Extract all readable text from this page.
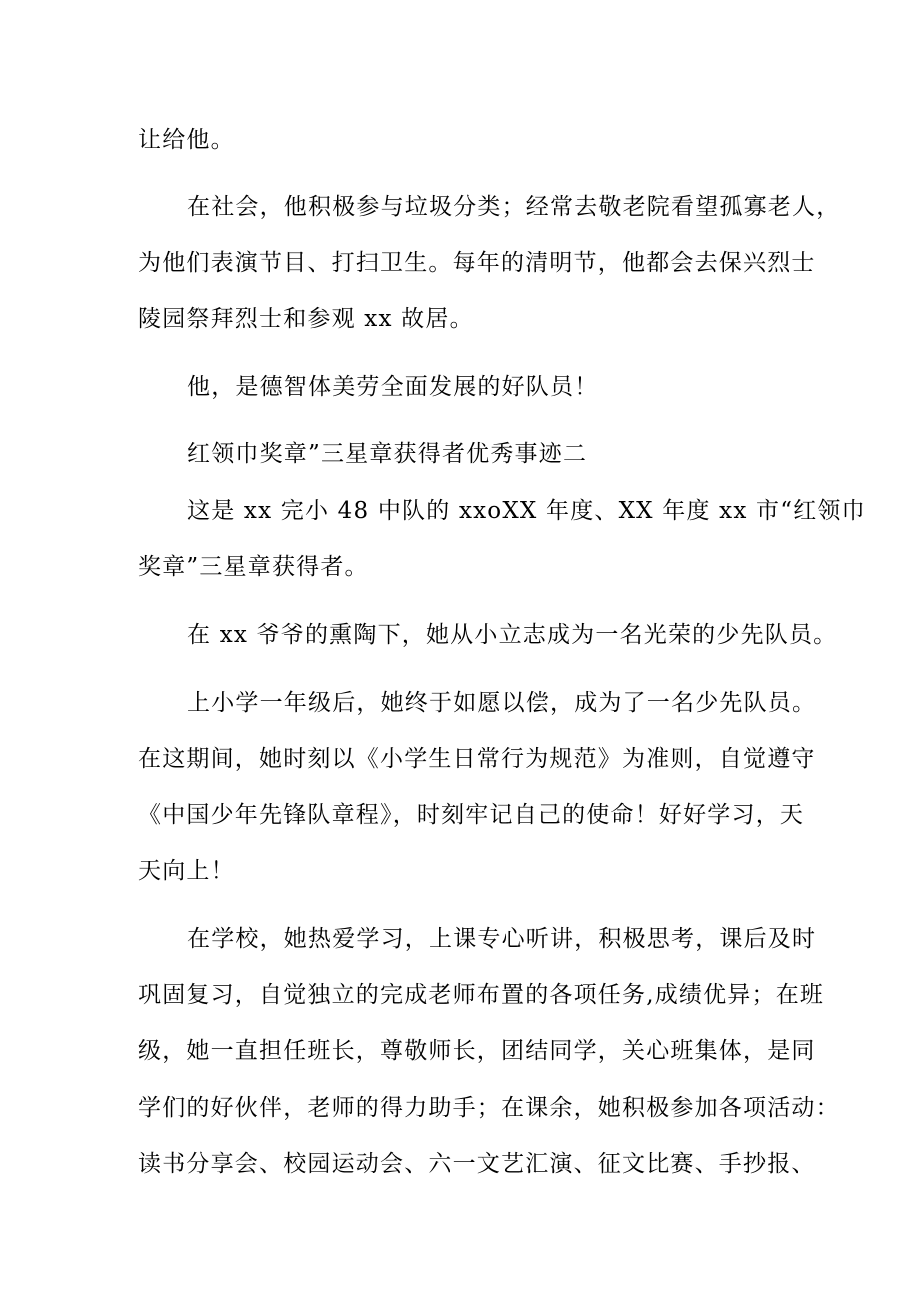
让给他。
在社会，他积极参与垃圾分类；经常去敬老院看望孤寡老人，
为他们表演节目、打扫卫生。每年的清明节，他都会去保兴烈士
陵园祭拜烈士和参观 xx 故居。
他，是德智体美劳全面发展的好队员！
红领巾奖章”三星章获得者优秀事迹二
这是 xx 完小 48 中队的 xxoXX 年度、XX 年度 xx 市“红领巾
奖章”三星章获得者。
在 xx 爷爷的熏陶下，她从小立志成为一名光荣的少先队员。
上小学一年级后，她终于如愿以偿，成为了一名少先队员。
在这期间，她时刻以《小学生日常行为规范》为准则，自觉遵守
《中国少年先锋队章程》，时刻牢记自己的使命！好好学习，天
天向上！
在学校，她热爱学习，上课专心听讲，积极思考，课后及时
巩固复习，自觉独立的完成老师布置的各项任务,成绩优异；在班
级，她一直担任班长，尊敬师长，团结同学，关心班集体，是同
学们的好伙伴，老师的得力助手；在课余，她积极参加各项活动：
读书分享会、校园运动会、六一文艺汇演、征文比赛、手抄报、
